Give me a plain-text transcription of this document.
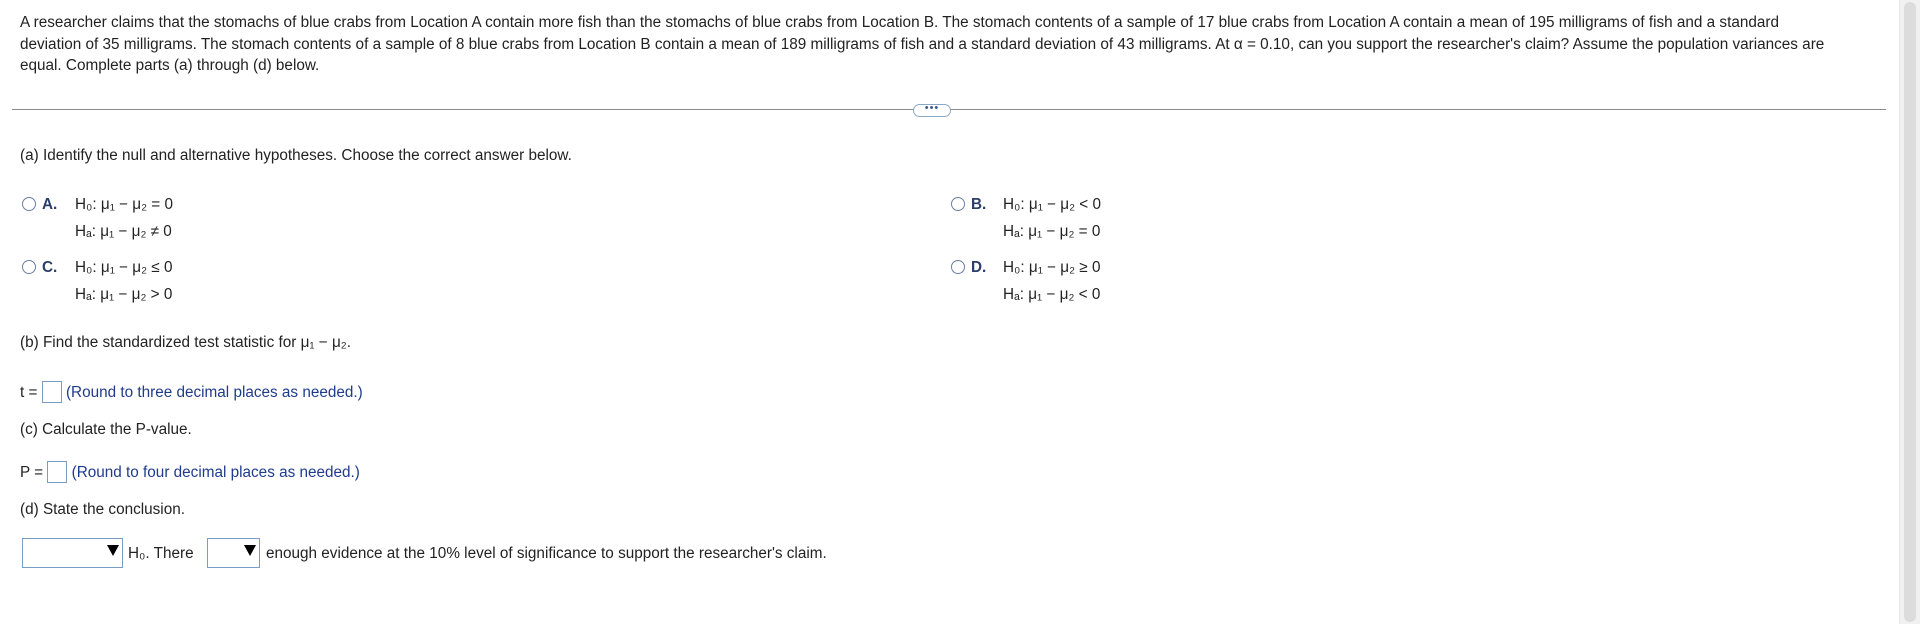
A researcher claims that the stomachs of blue crabs from Location A contain more fish than the stomachs of blue crabs from Location B. The stomach contents of a sample of 17 blue crabs from Location A contain a mean of 195 milligrams of fish and a standard deviation of 35 milligrams. The stomach contents of a sample of 8 blue crabs from Location B contain a mean of 189 milligrams of fish and a standard deviation of 43 milligrams. At α = 0.10, can you support the researcher's claim? Assume the population variances are equal. Complete parts (a) through (d) below.
•••
(a) Identify the null and alternative hypotheses. Choose the correct answer below.
A. H₀: μ₁ − μ₂ = 0
Hₐ: μ₁ − μ₂ ≠ 0
B. H₀: μ₁ − μ₂ < 0
Hₐ: μ₁ − μ₂ = 0
C. H₀: μ₁ − μ₂ ≤ 0
Hₐ: μ₁ − μ₂ > 0
D. H₀: μ₁ − μ₂ ≥ 0
Hₐ: μ₁ − μ₂ < 0
(b) Find the standardized test statistic for μ₁ − μ₂.
t = (Round to three decimal places as needed.)
(c) Calculate the P-value.
P = (Round to four decimal places as needed.)
(d) State the conclusion.
H₀. There	enough evidence at the 10% level of significance to support the researcher's claim.
